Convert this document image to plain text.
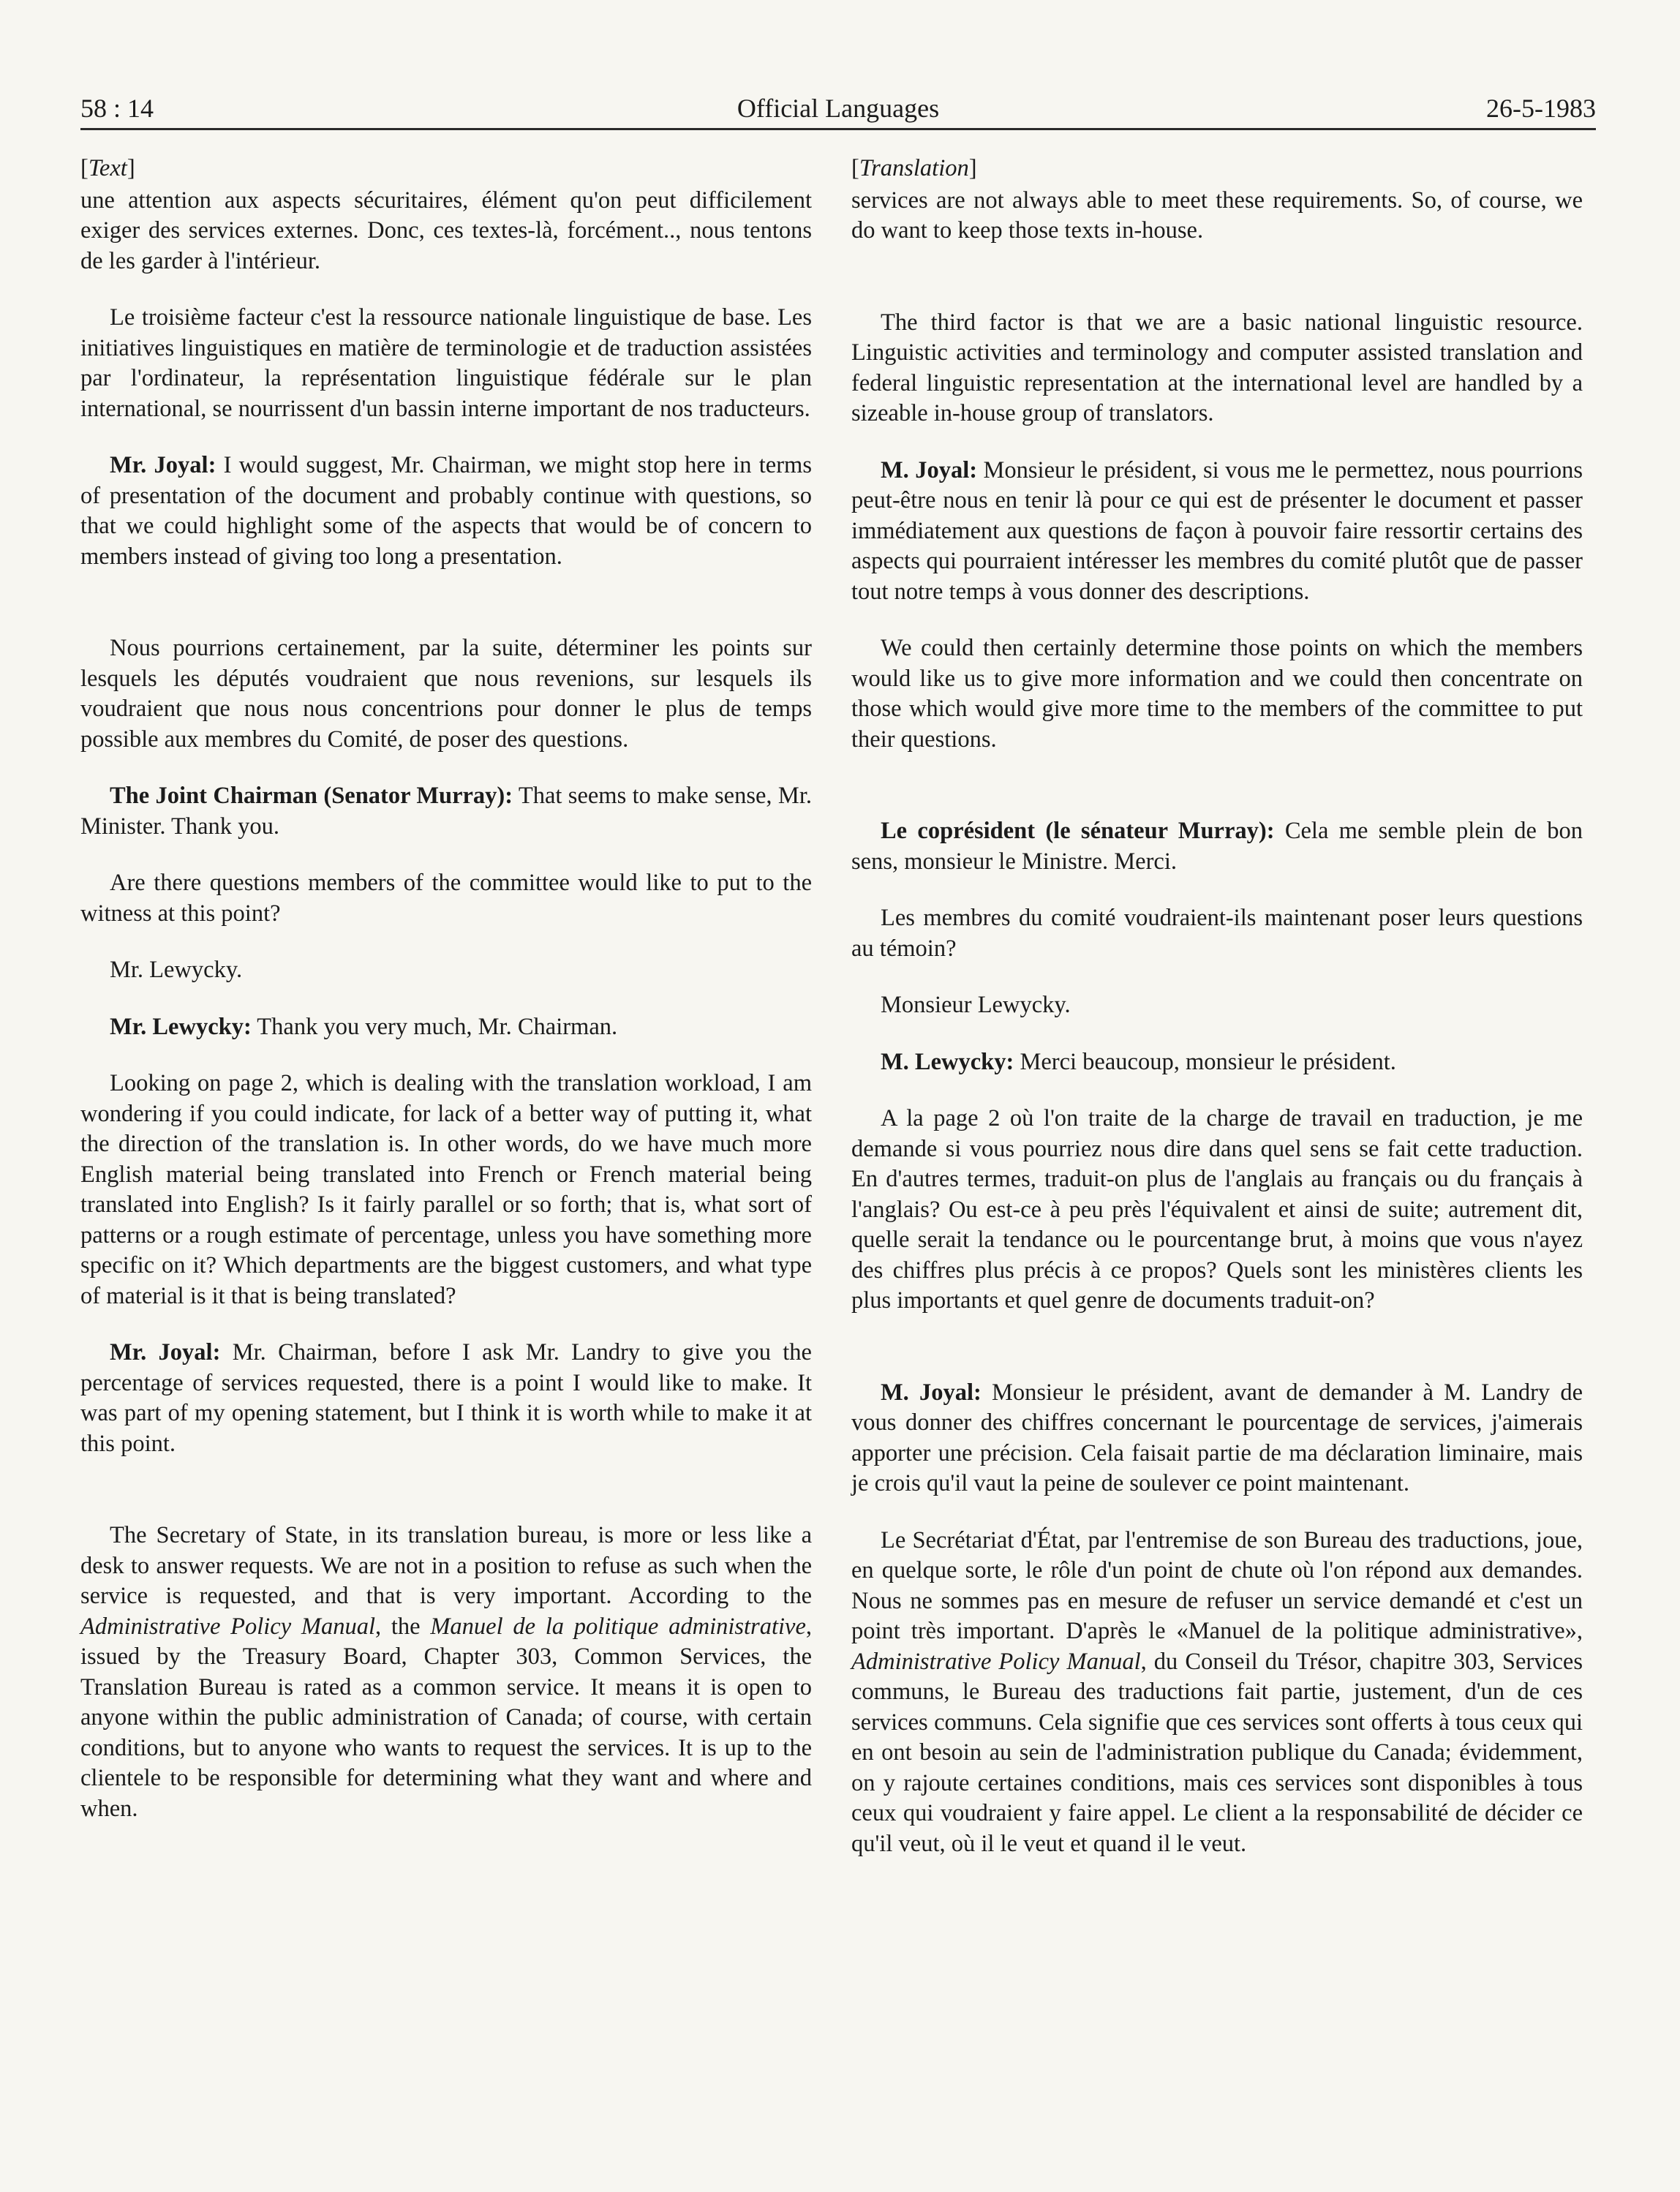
58 : 14	Official Languages	26-5-1983

[Text]

une attention aux aspects sécuritaires, élément qu'on peut difficilement exiger des services externes. Donc, ces textes-là, forcément.., nous tentons de les garder à l'intérieur.

Le troisième facteur c'est la ressource nationale linguistique de base. Les initiatives linguistiques en matière de terminologie et de traduction assistées par l'ordinateur, la représentation linguistique fédérale sur le plan international, se nourrissent d'un bassin interne important de nos traducteurs.

Mr. Joyal: I would suggest, Mr. Chairman, we might stop here in terms of presentation of the document and probably continue with questions, so that we could highlight some of the aspects that would be of concern to members instead of giving too long a presentation.

Nous pourrions certainement, par la suite, déterminer les points sur lesquels les députés voudraient que nous revenions, sur lesquels ils voudraient que nous nous concentrions pour donner le plus de temps possible aux membres du Comité, de poser des questions.

The Joint Chairman (Senator Murray): That seems to make sense, Mr. Minister. Thank you.

Are there questions members of the committee would like to put to the witness at this point?

Mr. Lewycky.

Mr. Lewycky: Thank you very much, Mr. Chairman.

Looking on page 2, which is dealing with the translation workload, I am wondering if you could indicate, for lack of a better way of putting it, what the direction of the translation is. In other words, do we have much more English material being translated into French or French material being translated into English? Is it fairly parallel or so forth; that is, what sort of patterns or a rough estimate of percentage, unless you have something more specific on it? Which departments are the biggest customers, and what type of material is it that is being translated?

Mr. Joyal: Mr. Chairman, before I ask Mr. Landry to give you the percentage of services requested, there is a point I would like to make. It was part of my opening statement, but I think it is worth while to make it at this point.

The Secretary of State, in its translation bureau, is more or less like a desk to answer requests. We are not in a position to refuse as such when the service is requested, and that is very important. According to the Administrative Policy Manual, the Manuel de la politique administrative, issued by the Treasury Board, Chapter 303, Common Services, the Translation Bureau is rated as a common service. It means it is open to anyone within the public administration of Canada; of course, with certain conditions, but to anyone who wants to request the services. It is up to the clientele to be responsible for determining what they want and where and when.

[Translation]

services are not always able to meet these requirements. So, of course, we do want to keep those texts in-house.

The third factor is that we are a basic national linguistic resource. Linguistic activities and terminology and computer assisted translation and federal linguistic representation at the international level are handled by a sizeable in-house group of translators.

M. Joyal: Monsieur le président, si vous me le permettez, nous pourrions peut-être nous en tenir là pour ce qui est de présenter le document et passer immédiatement aux questions de façon à pouvoir faire ressortir certains des aspects qui pourraient intéresser les membres du comité plutôt que de passer tout notre temps à vous donner des descriptions.

We could then certainly determine those points on which the members would like us to give more information and we could then concentrate on those which would give more time to the members of the committee to put their questions.

Le coprésident (le sénateur Murray): Cela me semble plein de bon sens, monsieur le Ministre. Merci.

Les membres du comité voudraient-ils maintenant poser leurs questions au témoin?

Monsieur Lewycky.

M. Lewycky: Merci beaucoup, monsieur le président.

A la page 2 où l'on traite de la charge de travail en traduction, je me demande si vous pourriez nous dire dans quel sens se fait cette traduction. En d'autres termes, traduit-on plus de l'anglais au français ou du français à l'anglais? Ou est-ce à peu près l'équivalent et ainsi de suite; autrement dit, quelle serait la tendance ou le pourcentange brut, à moins que vous n'ayez des chiffres plus précis à ce propos? Quels sont les ministères clients les plus importants et quel genre de documents traduit-on?

M. Joyal: Monsieur le président, avant de demander à M. Landry de vous donner des chiffres concernant le pourcentage de services, j'aimerais apporter une précision. Cela faisait partie de ma déclaration liminaire, mais je crois qu'il vaut la peine de soulever ce point maintenant.

Le Secrétariat d'État, par l'entremise de son Bureau des traductions, joue, en quelque sorte, le rôle d'un point de chute où l'on répond aux demandes. Nous ne sommes pas en mesure de refuser un service demandé et c'est un point très important. D'après le «Manuel de la politique administrative», Administrative Policy Manual, du Conseil du Trésor, chapitre 303, Services communs, le Bureau des traductions fait partie, justement, d'un de ces services communs. Cela signifie que ces services sont offerts à tous ceux qui en ont besoin au sein de l'administration publique du Canada; évidemment, on y rajoute certaines conditions, mais ces services sont disponibles à tous ceux qui voudraient y faire appel. Le client a la responsabilité de décider ce qu'il veut, où il le veut et quand il le veut.
